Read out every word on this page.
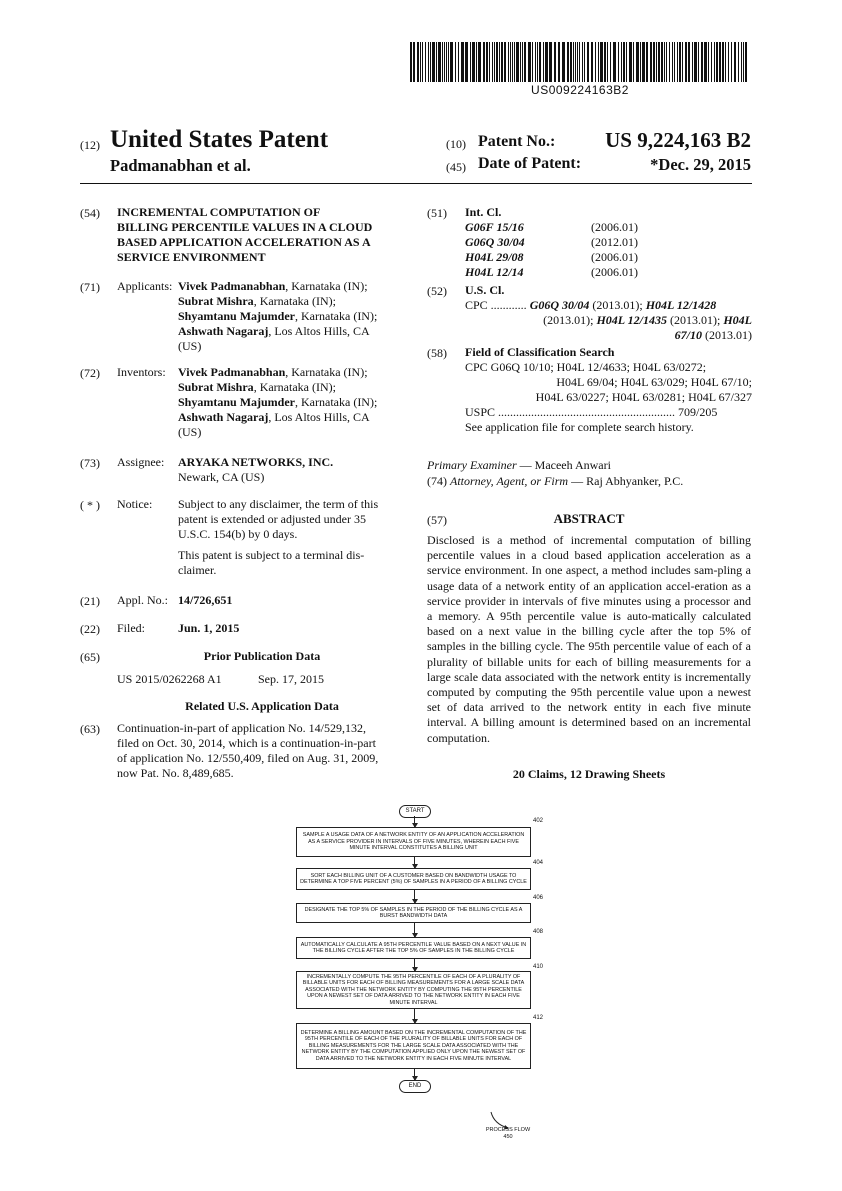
US009224163B2
(12) United States Patent
Padmanabhan et al.
(10) Patent No.:	US 9,224,163 B2
(45) Date of Patent:	*Dec. 29, 2015
(54) INCREMENTAL COMPUTATION OF
BILLING PERCENTILE VALUES IN A CLOUD
BASED APPLICATION ACCELERATION AS A
SERVICE ENVIRONMENT
(71) Applicants: Vivek Padmanabhan, Karnataka (IN);
Subrat Mishra, Karnataka (IN);
Shyamtanu Majumder, Karnataka (IN);
Ashwath Nagaraj, Los Altos Hills, CA
(US)
(72) Inventors: Vivek Padmanabhan, Karnataka (IN);
Subrat Mishra, Karnataka (IN);
Shyamtanu Majumder, Karnataka (IN);
Ashwath Nagaraj, Los Altos Hills, CA
(US)
(73) Assignee: ARYAKA NETWORKS, INC.
Newark, CA (US)
( * ) Notice: Subject to any disclaimer, the term of this
patent is extended or adjusted under 35
U.S.C. 154(b) by 0 days.
This patent is subject to a terminal dis-
claimer.
(21) Appl. No.: 14/726,651
(22) Filed:	Jun. 1, 2015
(65)	Prior Publication Data
US 2015/0262268 A1	Sep. 17, 2015
Related U.S. Application Data
(63) Continuation-in-part of application No. 14/529,132,
filed on Oct. 30, 2014, which is a continuation-in-part
of application No. 12/550,409, filed on Aug. 31, 2009,
now Pat. No. 8,489,685.
(51) Int. Cl.
G06F 15/16	(2006.01)
G06Q 30/04	(2012.01)
H04L 29/08	(2006.01)
H04L 12/14	(2006.01)
(52) U.S. Cl.
CPC ............ G06Q 30/04 (2013.01); H04L 12/1428
(2013.01); H04L 12/1435 (2013.01); H04L
67/10 (2013.01)
(58) Field of Classification Search
CPC G06Q 10/10; H04L 12/4633; H04L 63/0272;
H04L 69/04; H04L 63/029; H04L 67/10;
H04L 63/0227; H04L 63/0281; H04L 67/327
USPC ........................................................... 709/205
See application file for complete search history.
Primary Examiner — Maceeh Anwari
(74) Attorney, Agent, or Firm — Raj Abhyanker, P.C.
(57)	ABSTRACT
Disclosed is a method of incremental computation of billing percentile values in a cloud based application acceleration as a service environment. In one aspect, a method includes sam-pling a usage data of a network entity of an application accel-eration as a service provider in intervals of five minutes using a processor and a memory. A 95th percentile value is auto-matically calculated based on a next value in the billing cycle after the top 5% of samples in the billing cycle. The 95th percentile value of each of a plurality of billable units for each of billing measurements for a large scale data associated with the network entity is incrementally computed by computing the 95th percentile value upon a newest set of data arrived to the network entity in each five minute interval. A billing amount is determined based on an incremental computation.
20 Claims, 12 Drawing Sheets
START
SAMPLE A USAGE DATA OF A NETWORK ENTITY OF AN APPLICATION ACCELERATION AS A SERVICE PROVIDER IN INTERVALS OF FIVE MINUTES, WHEREIN EACH FIVE MINUTE INTERVAL CONSTITUTES A BILLING UNIT
402
SORT EACH BILLING UNIT OF A CUSTOMER BASED ON BANDWIDTH USAGE TO DETERMINE A TOP FIVE PERCENT (5%) OF SAMPLES IN A PERIOD OF A BILLING CYCLE
404
DESIGNATE THE TOP 5% OF SAMPLES IN THE PERIOD OF THE BILLING CYCLE AS A BURST BANDWIDTH DATA
406
AUTOMATICALLY CALCULATE A 95TH PERCENTILE VALUE BASED ON A NEXT VALUE IN THE BILLING CYCLE AFTER THE TOP 5% OF SAMPLES IN THE BILLING CYCLE
408
INCREMENTALLY COMPUTE THE 95TH PERCENTILE OF EACH OF A PLURALITY OF BILLABLE UNITS FOR EACH OF BILLING MEASUREMENTS FOR A LARGE SCALE DATA ASSOCIATED WITH THE NETWORK ENTITY BY COMPUTING THE 95TH PERCENTILE UPON A NEWEST SET OF DATA ARRIVED TO THE NETWORK ENTITY IN EACH FIVE MINUTE INTERVAL
410
DETERMINE A BILLING AMOUNT BASED ON THE INCREMENTAL COMPUTATION OF THE 95TH PERCENTILE OF EACH OF THE PLURALITY OF BILLABLE UNITS FOR EACH OF BILLING MEASUREMENTS FOR THE LARGE SCALE DATA ASSOCIATED WITH THE NETWORK ENTITY BY THE COMPUTATION APPLIED ONLY UPON THE NEWEST SET OF DATA ARRIVED TO THE NETWORK ENTITY IN EACH FIVE MINUTE INTERVAL
412
END
PROCESS FLOW
450
